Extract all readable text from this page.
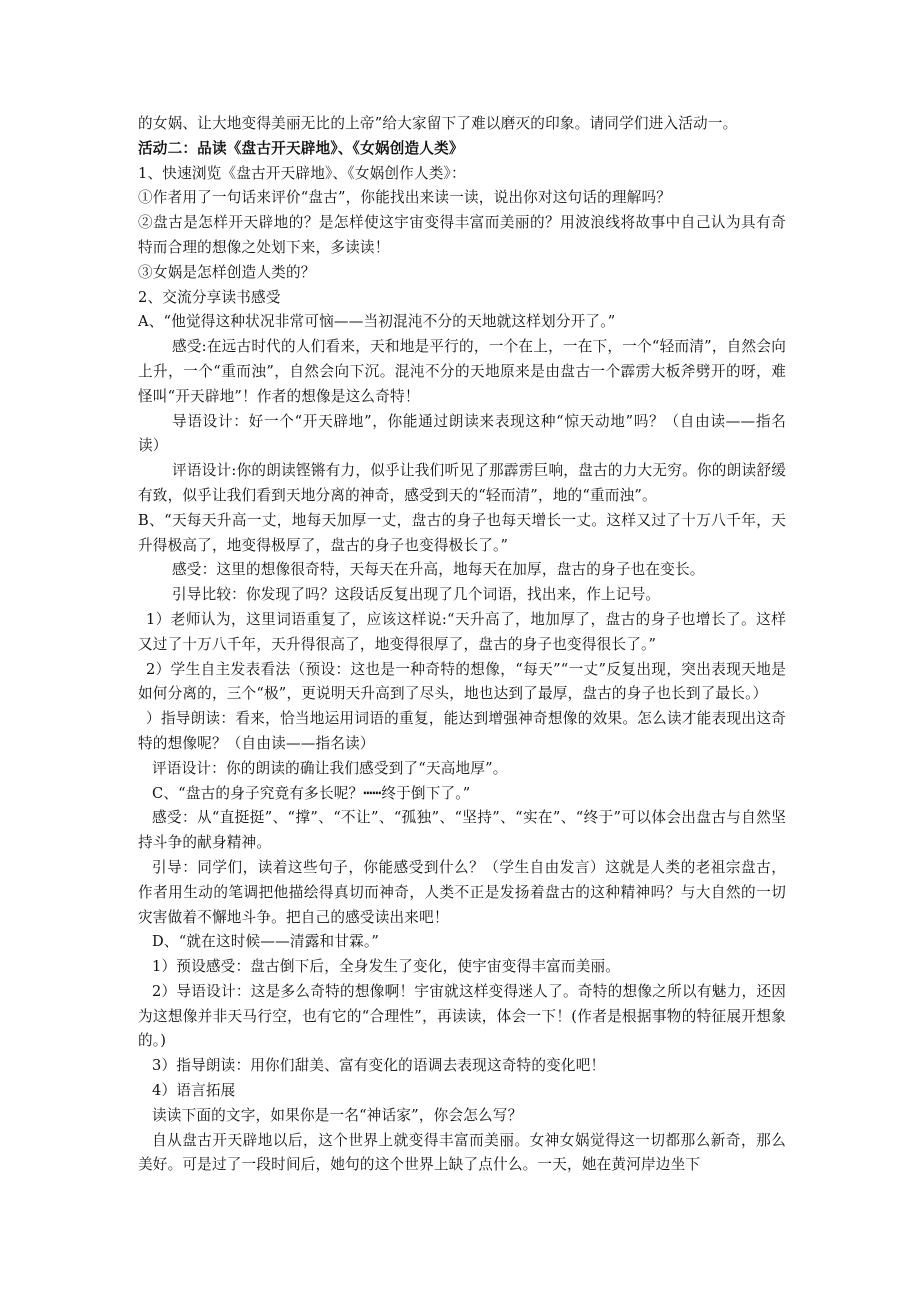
的女娲、让大地变得美丽无比的上帝”给大家留下了难以磨灭的印象。请同学们进入活动一。

活动二：品读《盘古开天辟地》、《女娲创造人类》

1、快速浏览《盘古开天辟地》、《女娲创作人类》：

①作者用了一句话来评价“盘古”，你能找出来读一读，说出你对这句话的理解吗？

②盘古是怎样开天辟地的？是怎样使这宇宙变得丰富而美丽的？用波浪线将故事中自己认为具有奇特而合理的想像之处划下来，多读读！

③女娲是怎样创造人类的？

2、交流分享读书感受

A、“他觉得这种状况非常可恼——当初混沌不分的天地就这样划分开了。”

感受:在远古时代的人们看来，天和地是平行的，一个在上，一在下，一个“轻而清”，自然会向上升，一个“重而浊”，自然会向下沉。混沌不分的天地原来是由盘古一个霹雳大板斧劈开的呀，难怪叫“开天辟地”！作者的想像是这么奇特！

导语设计：好一个“开天辟地”，你能通过朗读来表现这种“惊天动地”吗？（自由读——指名读）

评语设计:你的朗读铿锵有力，似乎让我们听见了那霹雳巨响，盘古的力大无穷。你的朗读舒缓有致，似乎让我们看到天地分离的神奇，感受到天的“轻而清”，地的“重而浊”。

B、“天每天升高一丈，地每天加厚一丈，盘古的身子也每天增长一丈。这样又过了十万八千年，天升得极高了，地变得极厚了，盘古的身子也变得极长了。”

感受：这里的想像很奇特，天每天在升高，地每天在加厚，盘古的身子也在变长。

引导比较：你发现了吗？这段话反复出现了几个词语，找出来，作上记号。

1）老师认为，这里词语重复了，应该这样说:“天升高了，地加厚了，盘古的身子也增长了。这样又过了十万八千年，天升得很高了，地变得很厚了，盘古的身子也变得很长了。”

2）学生自主发表看法（预设：这也是一种奇特的想像，“每天”“一丈”反复出现，突出表现天地是如何分离的，三个“极”，更说明天升高到了尽头，地也达到了最厚，盘古的身子也长到了最长。）

）指导朗读：看来，恰当地运用词语的重复，能达到增强神奇想像的效果。怎么读才能表现出这奇特的想像呢？（自由读——指名读）

评语设计：你的朗读的确让我们感受到了“天高地厚”。

C、“盘古的身子究竟有多长呢？┅┅终于倒下了。”

感受：从“直挺挺”、“撑”、“不让”、“孤独”、“坚持”、“实在”、“终于”可以体会出盘古与自然坚持斗争的献身精神。

引导：同学们，读着这些句子，你能感受到什么？（学生自由发言）这就是人类的老祖宗盘古，作者用生动的笔调把他描绘得真切而神奇，人类不正是发扬着盘古的这种精神吗？与大自然的一切灾害做着不懈地斗争。把自己的感受读出来吧！

D、“就在这时候——清露和甘霖。”

1）预设感受：盘古倒下后，全身发生了变化，使宇宙变得丰富而美丽。

2）导语设计：这是多么奇特的想像啊！宇宙就这样变得迷人了。奇特的想像之所以有魅力，还因为这想像并非天马行空，也有它的“合理性”，再读读，体会一下！(作者是根据事物的特征展开想象的。)

3）指导朗读：用你们甜美、富有变化的语调去表现这奇特的变化吧！

4）语言拓展

读读下面的文字，如果你是一名“神话家”，你会怎么写？

自从盘古开天辟地以后，这个世界上就变得丰富而美丽。女神女娲觉得这一切都那么新奇，那么美好。可是过了一段时间后，她句的这个世界上缺了点什么。一天，她在黄河岸边坐下
